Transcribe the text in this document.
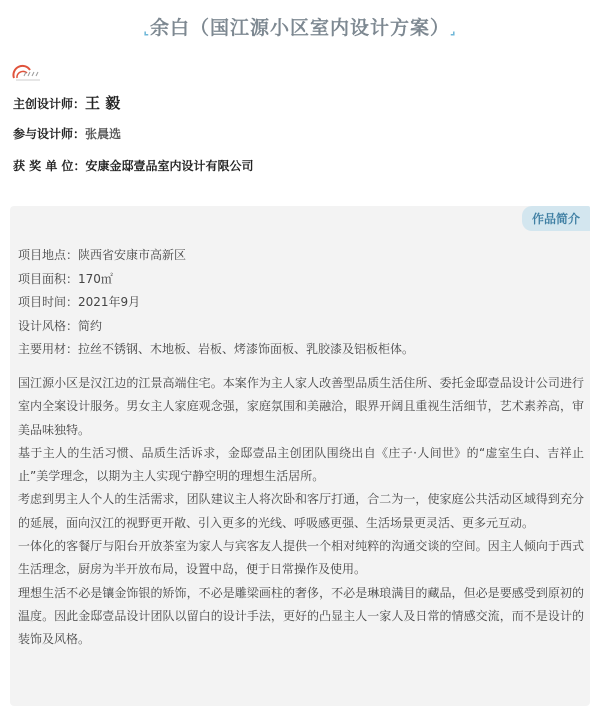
⌞余白（国江源小区室内设计方案）⌟
主创设计师：王 毅
参与设计师：张晨选
获 奖 单 位：安康金邸壹品室内设计有限公司
作品简介
项目地点：陕西省安康市高新区
项目面积：170㎡
项目时间：2021年9月
设计风格：简约
主要用材：拉丝不锈钢、木地板、岩板、烤漆饰面板、乳胶漆及铝板柜体。

国江源小区是汉江边的江景高端住宅。本案作为主人家人改善型品质生活住所、委托金邸壹品设计公司进行室内全案设计服务。男女主人家庭观念强，家庭氛围和美融洽，眼界开阔且重视生活细节，艺术素养高，审美品味独特。

基于主人的生活习惯、品质生活诉求，金邸壹品主创团队围绕出自《庄子·人间世》的“虚室生白、吉祥止止”美学理念，以期为主人实现宁静空明的理想生活居所。

考虑到男主人个人的生活需求，团队建议主人将次卧和客厅打通，合二为一，使家庭公共活动区域得到充分的延展，面向汉江的视野更开敞、引入更多的光线、呼吸感更强、生活场景更灵活、更多元互动。

一体化的客餐厅与阳台开放茶室为家人与宾客友人提供一个相对纯粹的沟通交谈的空间。因主人倾向于西式生活理念，厨房为半开放布局，设置中岛，便于日常操作及使用。

理想生活不必是镶金饰银的矫饰，不必是雕梁画柱的奢侈，不必是琳琅满目的藏品，但必是要感受到原初的温度。因此金邸壹品设计团队以留白的设计手法，更好的凸显主人一家人及日常的情感交流，而不是设计的装饰及风格。
